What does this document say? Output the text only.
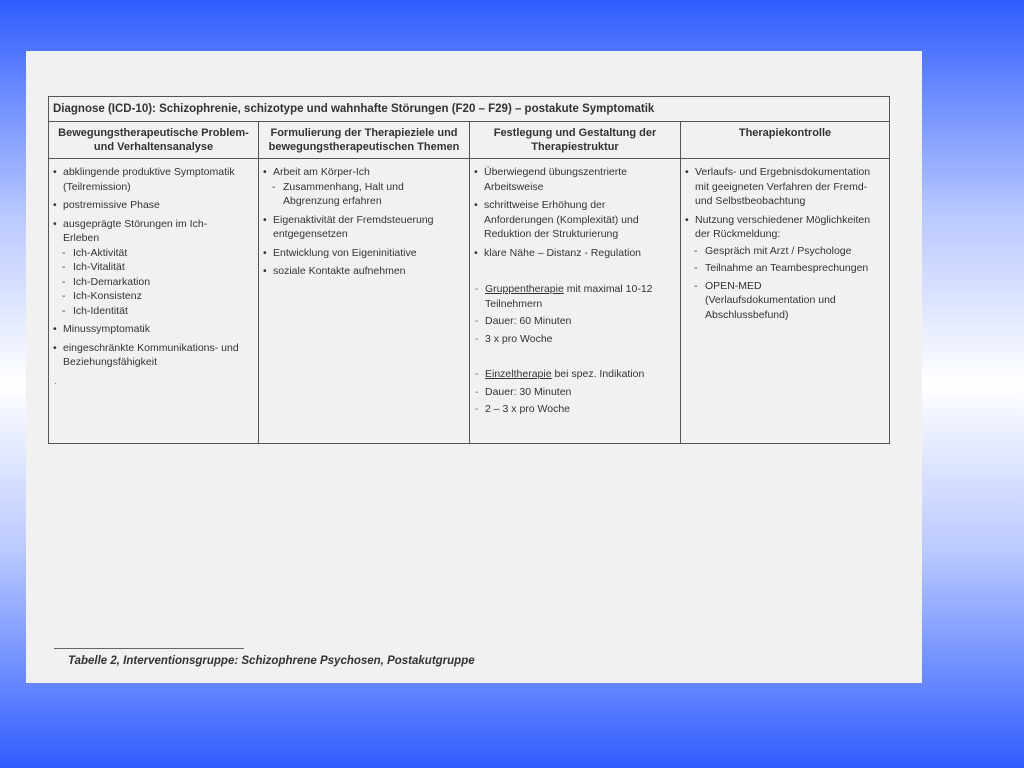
Diagnose (ICD-10): Schizophrenie, schizotype und wahnhafte Störungen (F20 – F29) – postakute Symptomatik
Bewegungstherapeutische Problem-
und Verhaltensanalyse
Formulierung der Therapieziele und
bewegungstherapeutischen Themen
Festlegung und Gestaltung der
Therapiestruktur
Therapiekontrolle
• abklingende produktive Symptomatik
(Teilremission)
• postremissive Phase
• ausgeprägte Störungen im Ich-
Erleben
- Ich-Aktivität
- Ich-Vitalität
- Ich-Demarkation
- Ich-Konsistenz
- Ich-Identität
• Minussymptomatik
• eingeschränkte Kommunikations- und
Beziehungsfähigkeit
.
• Arbeit am Körper-Ich
- Zusammenhang, Halt und
Abgrenzung erfahren
• Eigenaktivität der Fremdsteuerung
entgegensetzen
• Entwicklung von Eigeninitiative
• soziale Kontakte aufnehmen
• Überwiegend übungszentrierte
Arbeitsweise
• schrittweise Erhöhung der
Anforderungen (Komplexität) und
Reduktion der Strukturierung
• klare Nähe – Distanz - Regulation
- Gruppentherapie mit maximal 10-12
Teilnehmern
- Dauer: 60 Minuten
- 3 x pro Woche
- Einzeltherapie bei spez. Indikation
- Dauer: 30 Minuten
- 2 – 3 x pro Woche
• Verlaufs- und Ergebnisdokumentation
mit geeigneten Verfahren der Fremd-
und Selbstbeobachtung
• Nutzung verschiedener Möglichkeiten
der Rückmeldung:
- Gespräch mit Arzt / Psychologe
- Teilnahme an Teambesprechungen
- OPEN-MED
(Verlaufsdokumentation und
Abschlussbefund)
Tabelle 2, Interventionsgruppe: Schizophrene Psychosen, Postakutgruppe
